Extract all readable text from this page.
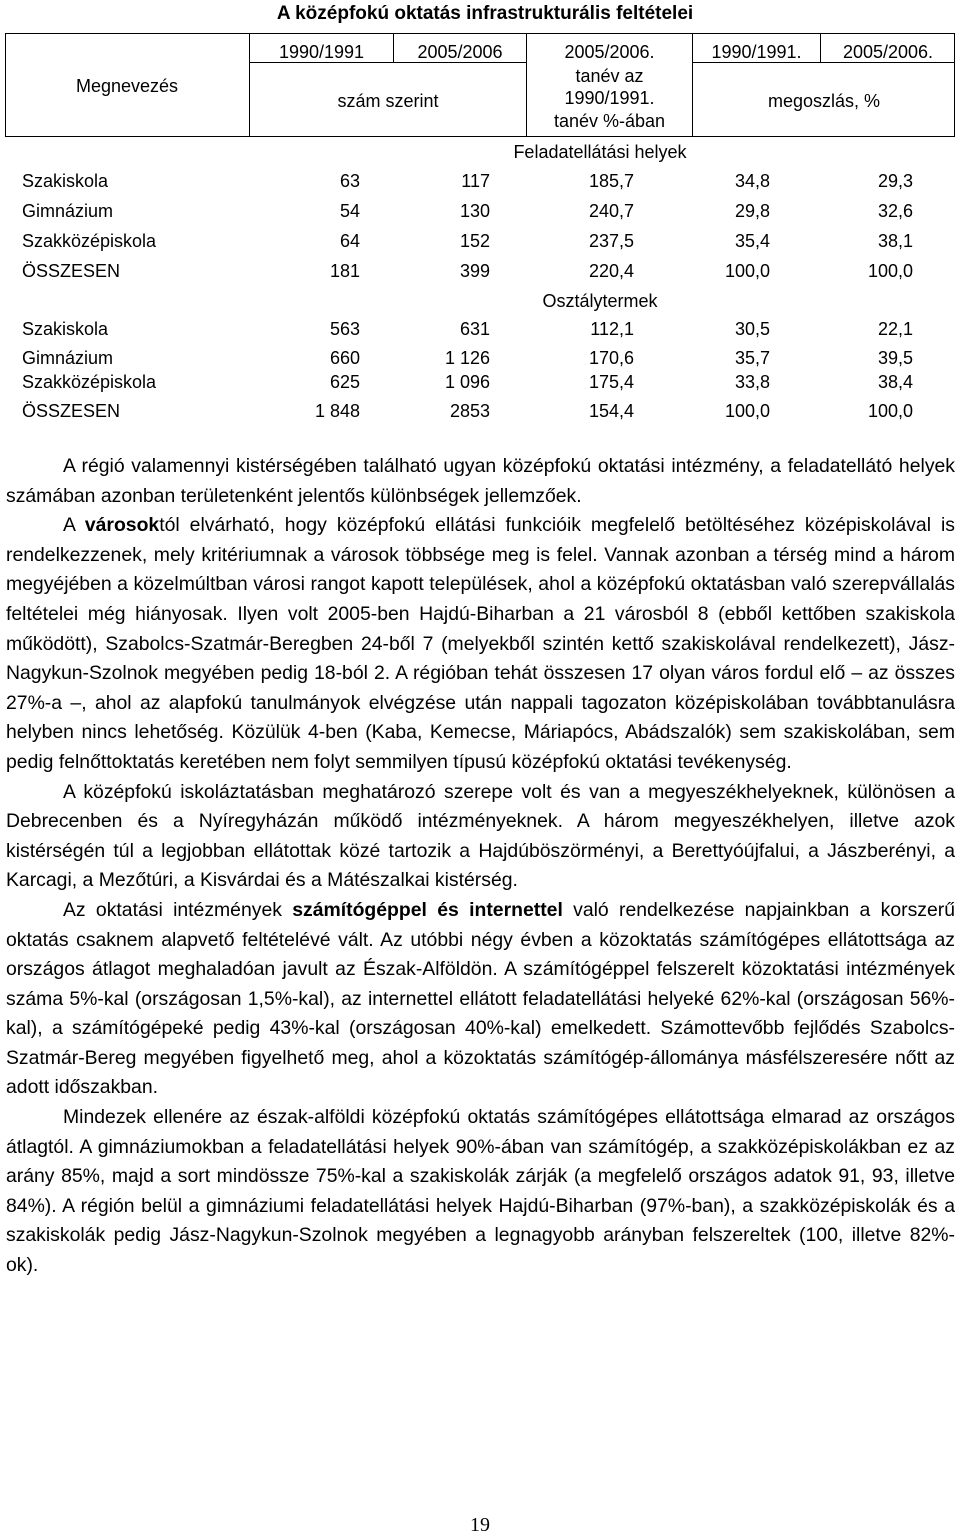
A középfokú oktatás infrastrukturális feltételei
Megnevezés
1990/1991	2005/2006	2005/2006.
tanév az
1990/1991.
tanév %-ában
1990/1991.	2005/2006.
szám szerint	megoszlás, %
Feladatellátási helyek
Szakiskola	63	117	185,7	34,8	29,3
Gimnázium	54	130	240,7	29,8	32,6
Szakközépiskola	64	152	237,5	35,4	38,1
ÖSSZESEN	181	399	220,4	100,0	100,0
Osztálytermek
Szakiskola	563	631	112,1	30,5	22,1
Gimnázium	660	1 126	170,6	35,7	39,5
Szakközépiskola	625	1 096	175,4	33,8	38,4
ÖSSZESEN	1 848	2853	154,4	100,0	100,0

A régió valamennyi kistérségében található ugyan középfokú oktatási intézmény, a feladatellátó helyek számában azonban területenként jelentős különbségek jellemzőek.

A városoktól elvárható, hogy középfokú ellátási funkcióik megfelelő betöltéséhez középiskolával is rendelkezzenek, mely kritériumnak a városok többsége meg is felel. Vannak azonban a térség mind a három megyéjében a közelmúltban városi rangot kapott települések, ahol a középfokú oktatásban való szerepvállalás feltételei még hiányosak. Ilyen volt 2005-ben Hajdú-Biharban a 21 városból 8 (ebből kettőben szakiskola működött), Szabolcs-Szatmár-Beregben 24-ből 7 (melyekből szintén kettő szakiskolával rendelkezett), Jász-Nagykun-Szolnok megyében pedig 18-ból 2. A régióban tehát összesen 17 olyan város fordul elő – az összes 27%-a –, ahol az alapfokú tanulmányok elvégzése után nappali tagozaton középiskolában továbbtanulásra helyben nincs lehetőség. Közülük 4-ben (Kaba, Kemecse, Máriapócs, Abádszalók) sem szakiskolában, sem pedig felnőttoktatás keretében nem folyt semmilyen típusú középfokú oktatási tevékenység.

A középfokú iskoláztatásban meghatározó szerepe volt és van a megyeszékhelyeknek, különösen a Debrecenben és a Nyíregyházán működő intézményeknek. A három megyeszékhelyen, illetve azok kistérségén túl a legjobban ellátottak közé tartozik a Hajdúböszörményi, a Berettyóújfalui, a Jászberényi, a Karcagi, a Mezőtúri, a Kisvárdai és a Mátészalkai kistérség.

Az oktatási intézmények számítógéppel és internettel való rendelkezése napjainkban a korszerű oktatás csaknem alapvető feltételévé vált. Az utóbbi négy évben a közoktatás számítógépes ellátottsága az országos átlagot meghaladóan javult az Észak-Alföldön. A számítógéppel felszerelt közoktatási intézmények száma 5%-kal (országosan 1,5%-kal), az internettel ellátott feladatellátási helyeké 62%-kal (országosan 56%-kal), a számítógépeké pedig 43%-kal (országosan 40%-kal) emelkedett. Számottevőbb fejlődés Szabolcs-Szatmár-Bereg megyében figyelhető meg, ahol a közoktatás számítógép-állománya másfélszeresére nőtt az adott időszakban.

Mindezek ellenére az észak-alföldi középfokú oktatás számítógépes ellátottsága elmarad az országos átlagtól. A gimnáziumokban a feladatellátási helyek 90%-ában van számítógép, a szakközépiskolákban ez az arány 85%, majd a sort mindössze 75%-kal a szakiskolák zárják (a megfelelő országos adatok 91, 93, illetve 84%). A régión belül a gimnáziumi feladatellátási helyek Hajdú-Biharban (97%-ban), a szakközépiskolák és a szakiskolák pedig Jász-Nagykun-Szolnok megyében a legnagyobb arányban felszereltek (100, illetve 82%-ok).

19
